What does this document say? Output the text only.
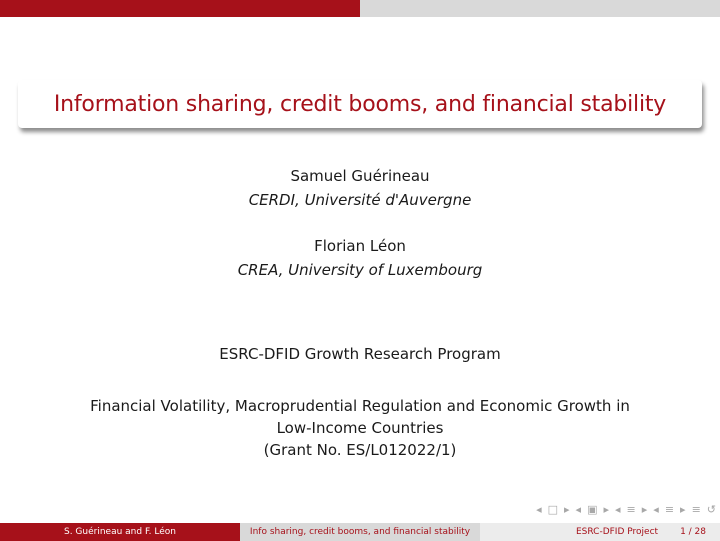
Information sharing, credit booms, and financial stability
Samuel Guérineau
CERDI, Université d'Auvergne
Florian Léon
CREA, University of Luxembourg
ESRC-DFID Growth Research Program
Financial Volatility, Macroprudential Regulation and Economic Growth in
Low-Income Countries
(Grant No. ES/L012022/1)
◂ □ ▸ ◂ ▣ ▸ ◂ ≡ ▸ ◂ ≡ ▸ ≡ ↺
S. Guérineau and F. Léon	Info sharing, credit booms, and financial stability	ESRC-DFID Project 1 / 28
